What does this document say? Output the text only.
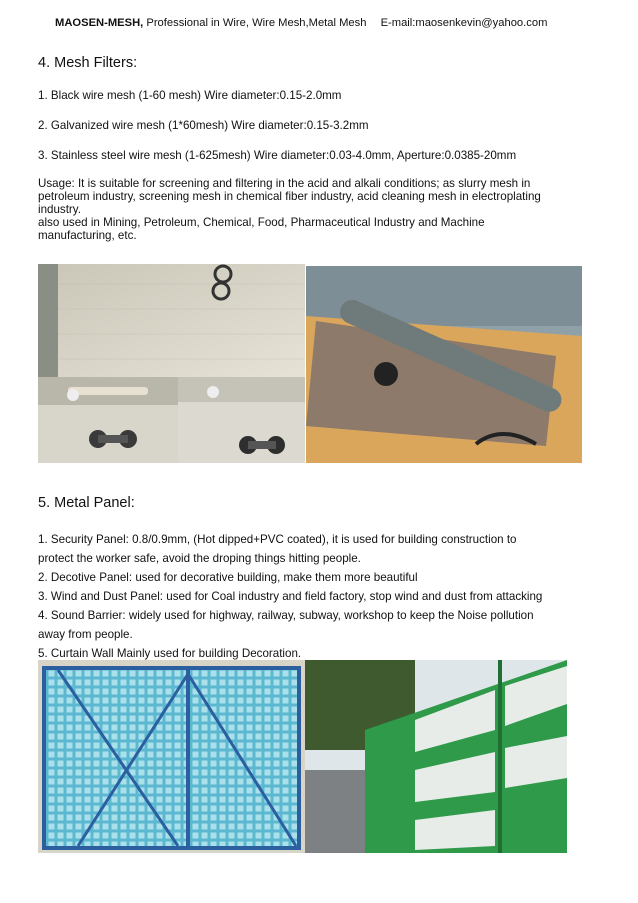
MAOSEN-MESH, Professional in Wire, Wire Mesh,Metal Mesh E-mail:maosenkevin@yahoo.com
4. Mesh Filters:
1. Black wire mesh (1-60 mesh) Wire diameter:0.15-2.0mm
2. Galvanized wire mesh (1*60mesh) Wire diameter:0.15-3.2mm
3. Stainless steel wire mesh (1-625mesh) Wire diameter:0.03-4.0mm, Aperture:0.0385-20mm
Usage: It is suitable for screening and filtering in the acid and alkali conditions; as slurry mesh in
petroleum industry, screening mesh in chemical fiber industry, acid cleaning mesh in electroplating
industry.
also used in Mining, Petroleum, Chemical, Food, Pharmaceutical Industry and Machine
manufacturing, etc.
5. Metal Panel:
1. Security Panel: 0.8/0.9mm, (Hot dipped+PVC coated), it is used for building construction to
protect the worker safe, avoid the droping things hitting people.
2. Decotive Panel: used for decorative building, make them more beautiful
3. Wind and Dust Panel: used for Coal industry and field factory, stop wind and dust from attacking
4. Sound Barrier: widely used for highway, railway, subway, workshop to keep the Noise pollution
away from people.
5. Curtain Wall Mainly used for building Decoration.
